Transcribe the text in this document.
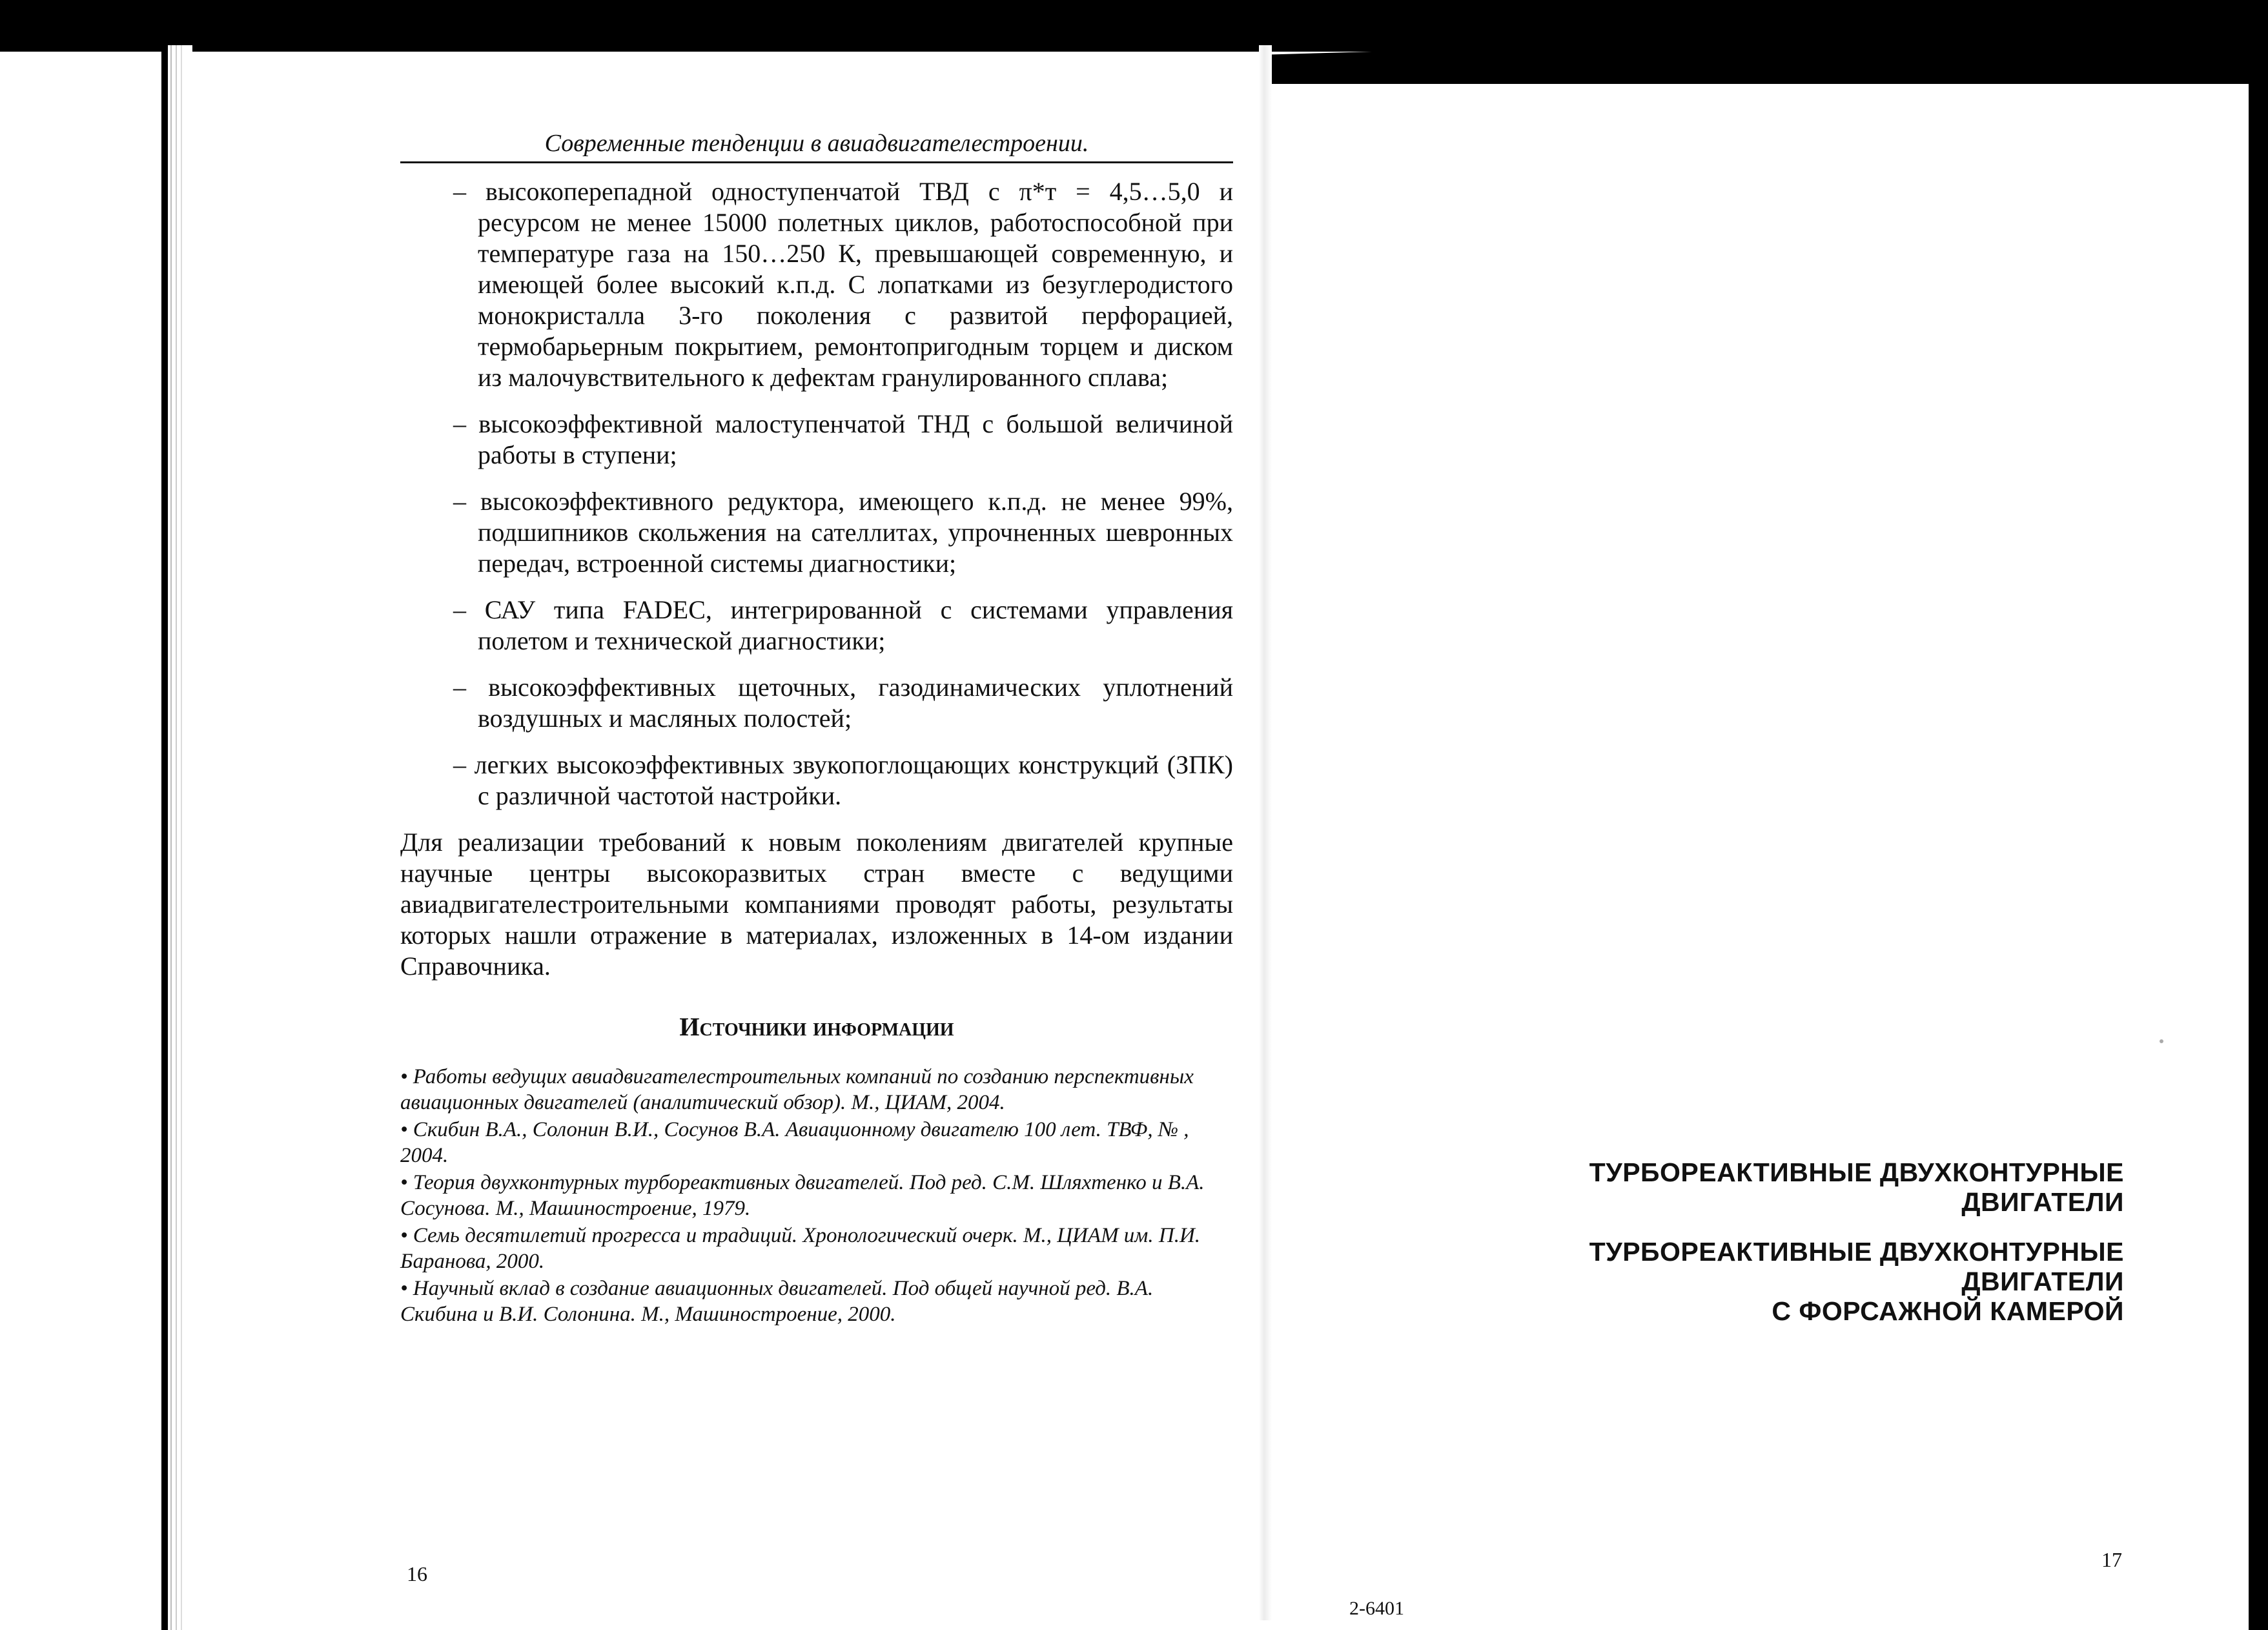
Современные тенденции в авиадвигателестроении.
– высокоперепадной одноступенчатой ТВД с π*т = 4,5…5,0 и ресурсом не менее 15000 полетных циклов, работоспособной при температуре газа на 150…250 К, превышающей современную, и имеющей более высокий к.п.д. С лопатками из безуглеродистого монокристалла 3-го поколения с развитой перфорацией, термобарьерным покрытием, ремонтопригодным торцем и диском из малочувствительного к дефектам гранулированного сплава;
– высокоэффективной малоступенчатой ТНД с большой величиной работы в ступени;
– высокоэффективного редуктора, имеющего к.п.д. не менее 99%, подшипников скольжения на сателлитах, упрочненных шевронных передач, встроенной системы диагностики;
– САУ типа FADEC, интегрированной с системами управления полетом и технической диагностики;
– высокоэффективных щеточных, газодинамических уплотнений воздушных и масляных полостей;
– легких высокоэффективных звукопоглощающих конструкций (ЗПК) с различной частотой настройки.
Для реализации требований к новым поколениям двигателей крупные научные центры высокоразвитых стран вместе с ведущими авиадвигателестроительными компаниями проводят работы, результаты которых нашли отражение в материалах, изложенных в 14-ом издании Справочника.
Источники информации
• Работы ведущих авиадвигателестроительных компаний по созданию перспективных авиационных двигателей (аналитический обзор). М., ЦИАМ, 2004.
• Скибин В.А., Солонин В.И., Сосунов В.А. Авиационному двигателю 100 лет. ТВФ, № , 2004.
• Теория двухконтурных турбореактивных двигателей. Под ред. С.М. Шляхтенко и В.А. Сосунова. М., Машиностроение, 1979.
• Семь десятилетий прогресса и традиций. Хронологический очерк. М., ЦИАМ им. П.И. Баранова, 2000.
• Научный вклад в создание авиационных двигателей. Под общей научной ред. В.А. Скибина и В.И. Солонина. М., Машиностроение, 2000.
16
2-6401
17
ТУРБОРЕАКТИВНЫЕ ДВУХКОНТУРНЫЕ
ДВИГАТЕЛИ
ТУРБОРЕАКТИВНЫЕ ДВУХКОНТУРНЫЕ
ДВИГАТЕЛИ
С ФОРСАЖНОЙ КАМЕРОЙ
